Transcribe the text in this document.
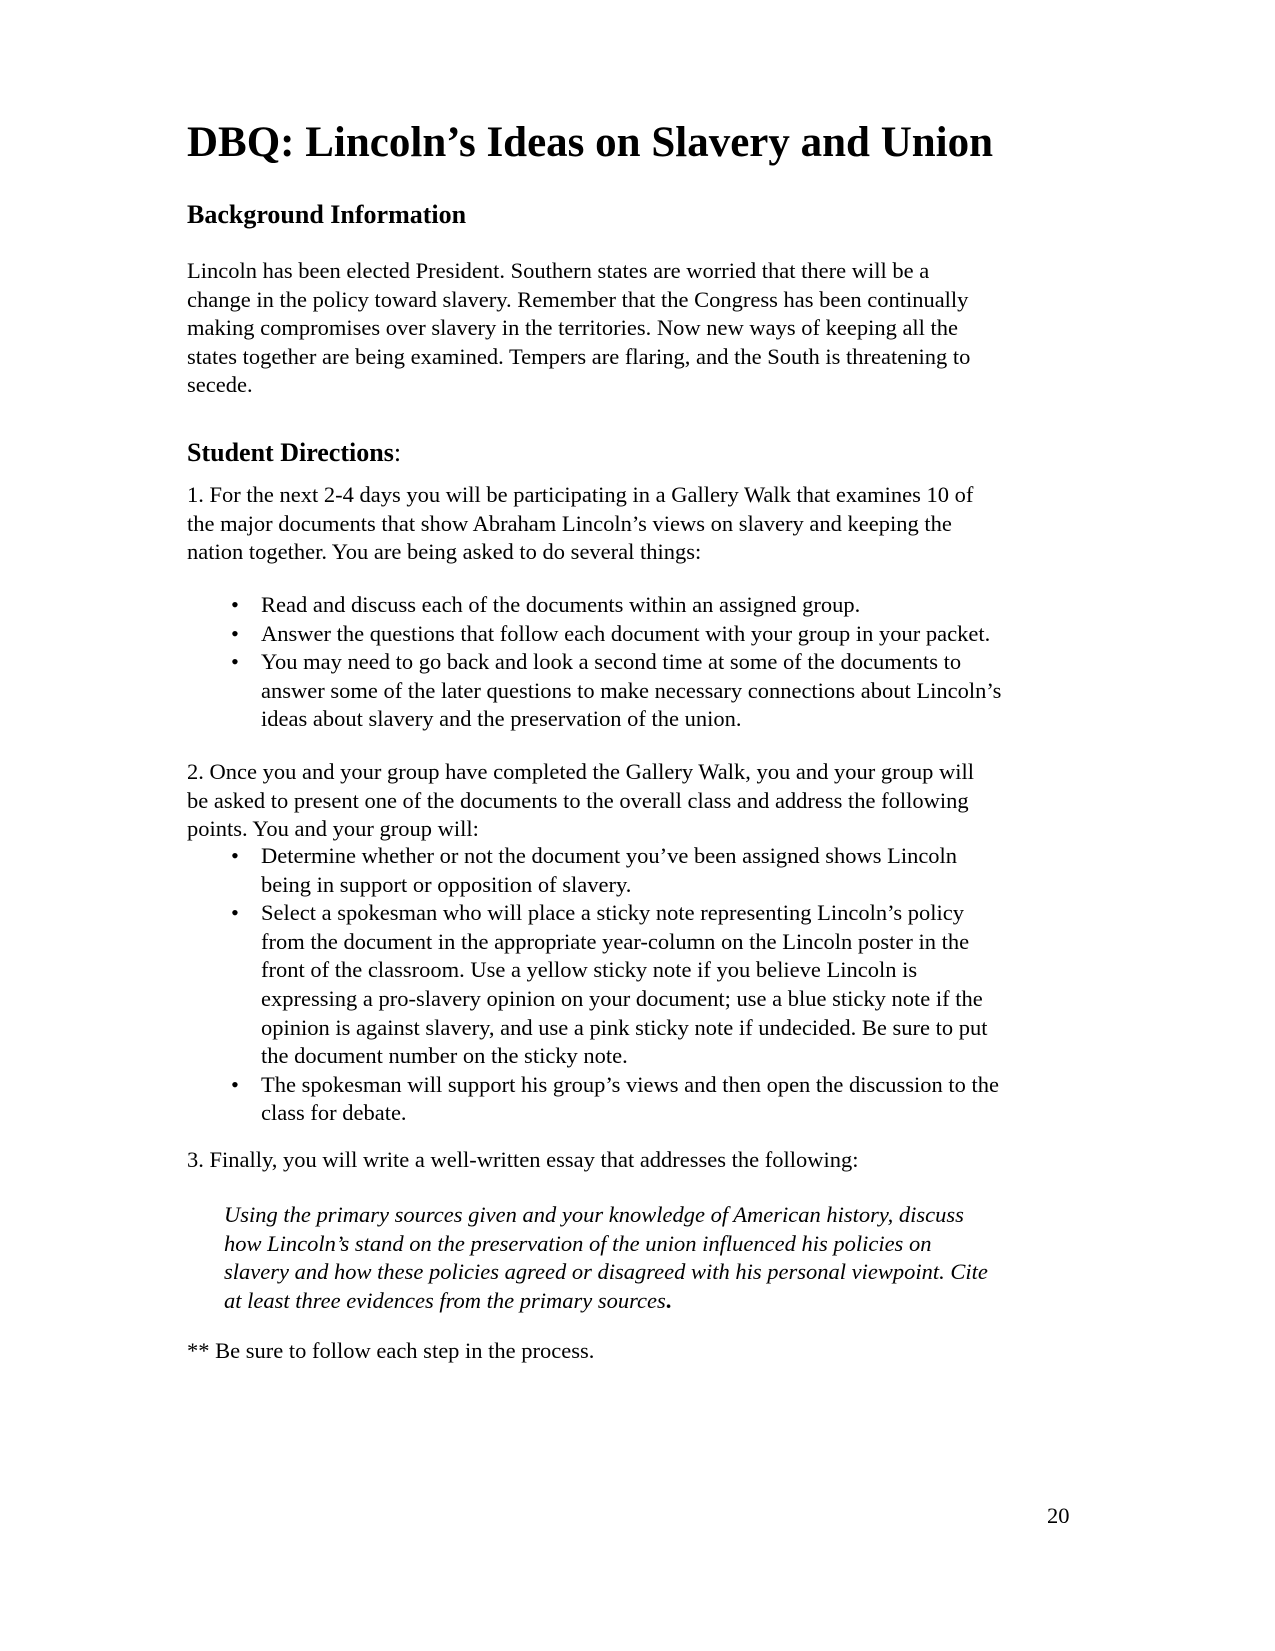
DBQ: Lincoln’s Ideas on Slavery and Union
Background Information

Lincoln has been elected President. Southern states are worried that there will be a
change in the policy toward slavery. Remember that the Congress has been continually
making compromises over slavery in the territories. Now new ways of keeping all the
states together are being examined. Tempers are flaring, and the South is threatening to
secede.

Student Directions:

1. For the next 2-4 days you will be participating in a Gallery Walk that examines 10 of
the major documents that show Abraham Lincoln’s views on slavery and keeping the
nation together. You are being asked to do several things:

• Read and discuss each of the documents within an assigned group.
• Answer the questions that follow each document with your group in your packet.
• You may need to go back and look a second time at some of the documents to
answer some of the later questions to make necessary connections about Lincoln’s
ideas about slavery and the preservation of the union.

2. Once you and your group have completed the Gallery Walk, you and your group will
be asked to present one of the documents to the overall class and address the following
points. You and your group will:

• Determine whether or not the document you’ve been assigned shows Lincoln
being in support or opposition of slavery.
• Select a spokesman who will place a sticky note representing Lincoln’s policy
from the document in the appropriate year-column on the Lincoln poster in the
front of the classroom. Use a yellow sticky note if you believe Lincoln is
expressing a pro-slavery opinion on your document; use a blue sticky note if the
opinion is against slavery, and use a pink sticky note if undecided. Be sure to put
the document number on the sticky note.
• The spokesman will support his group’s views and then open the discussion to the
class for debate.

3. Finally, you will write a well-written essay that addresses the following:

Using the primary sources given and your knowledge of American history, discuss
how Lincoln’s stand on the preservation of the union influenced his policies on
slavery and how these policies agreed or disagreed with his personal viewpoint. Cite
at least three evidences from the primary sources.

** Be sure to follow each step in the process.

20
